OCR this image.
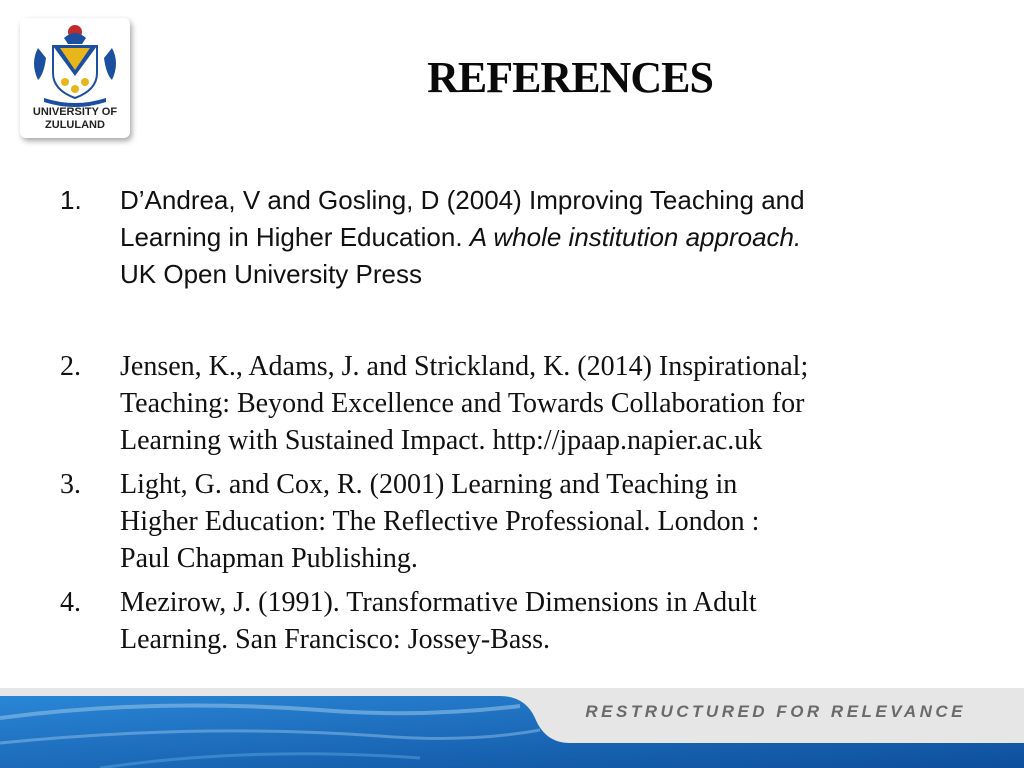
UNIVERSITY OF
ZULULAND
REFERENCES
1. D’Andrea, V and Gosling, D (2004) Improving Teaching and
Learning in Higher Education. A whole institution approach.
UK Open University Press
2. Jensen, K., Adams, J. and Strickland, K. (2014) Inspirational;
Teaching: Beyond Excellence and Towards Collaboration for
Learning with Sustained Impact. http://jpaap.napier.ac.uk
3. Light, G. and Cox, R. (2001) Learning and Teaching in
Higher Education: The Reflective Professional. London :
Paul Chapman Publishing.
4. Mezirow, J. (1991). Transformative Dimensions in Adult
Learning. San Francisco: Jossey-Bass.
RESTRUCTURED FOR RELEVANCE
